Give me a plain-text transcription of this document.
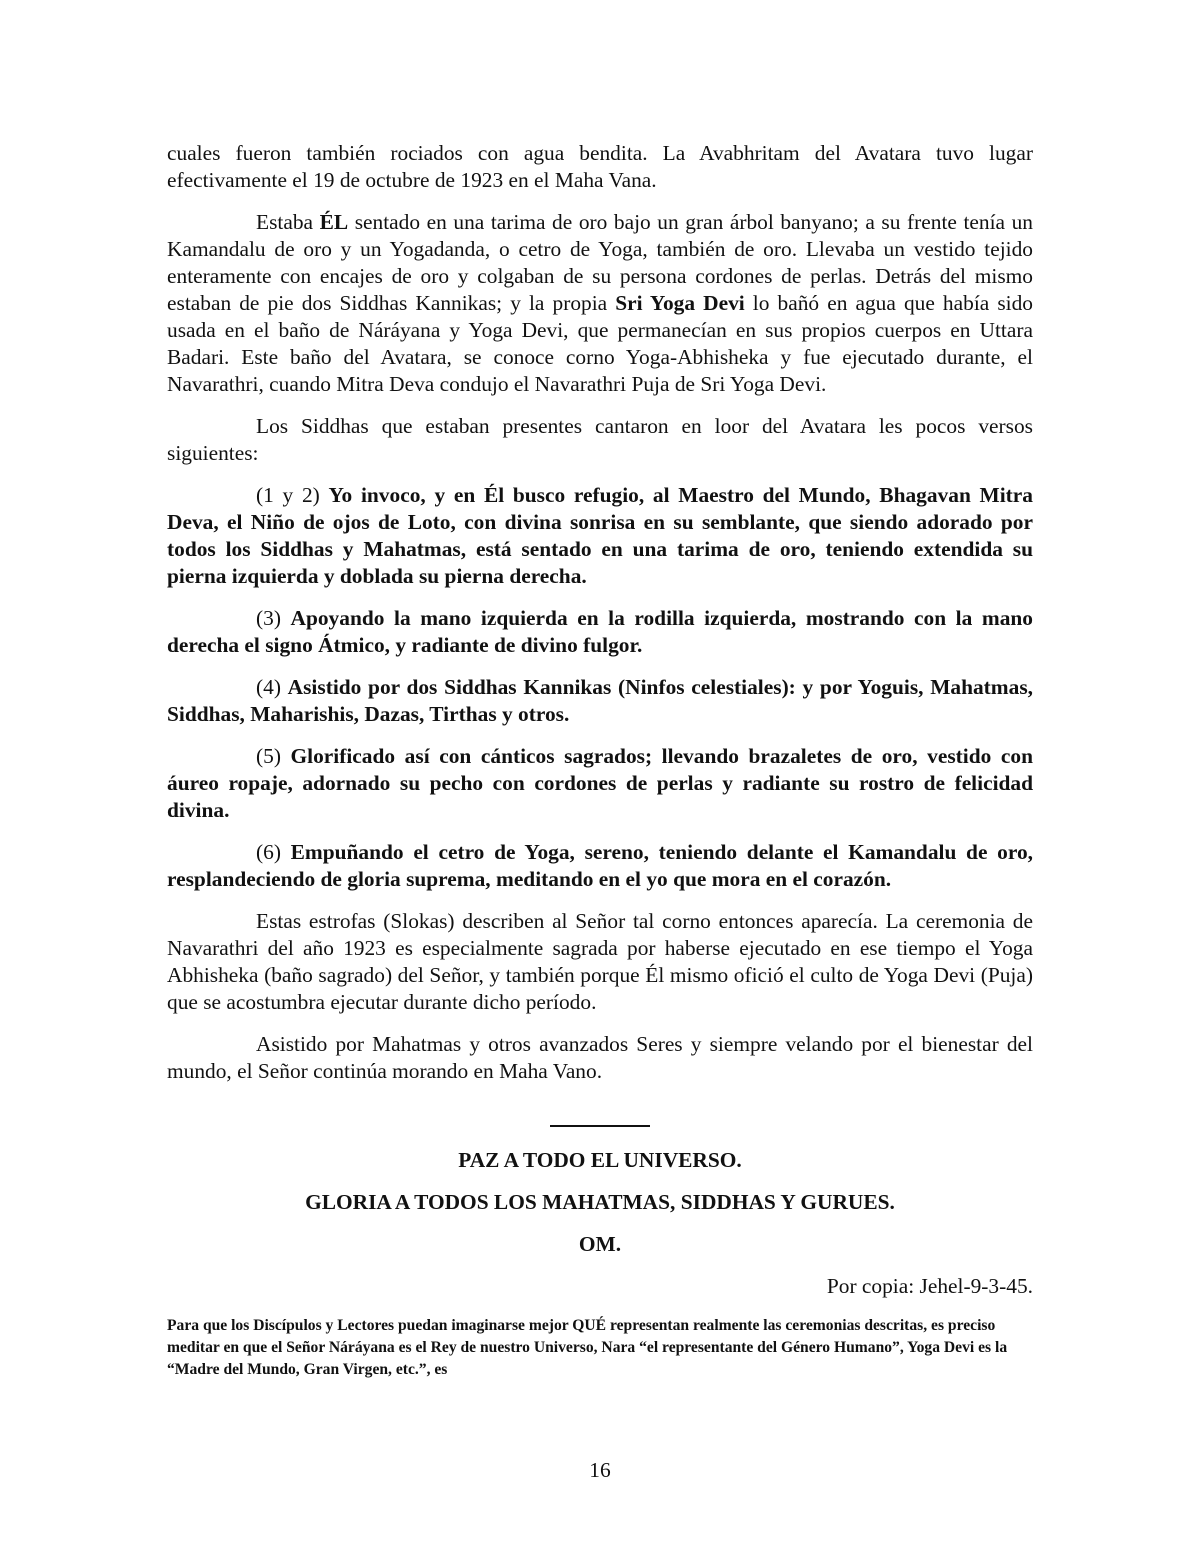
cuales fueron también rociados con agua bendita. La Avabhritam del Avatara tuvo lugar efectivamente el 19 de octubre de 1923 en el Maha Vana.

Estaba ÉL sentado en una tarima de oro bajo un gran árbol banyano; a su frente tenía un Kamandalu de oro y un Yogadanda, o cetro de Yoga, también de oro. Llevaba un vestido tejido enteramente con encajes de oro y colgaban de su persona cordones de perlas. Detrás del mismo estaban de pie dos Siddhas Kannikas; y la propia Sri Yoga Devi lo bañó en agua que había sido usada en el baño de Náráyana y Yoga Devi, que permanecían en sus propios cuerpos en Uttara Badari. Este baño del Avatara, se conoce corno Yoga-Abhisheka y fue ejecutado durante, el Navarathri, cuando Mitra Deva condujo el Navarathri Puja de Sri Yoga Devi.

Los Siddhas que estaban presentes cantaron en loor del Avatara les pocos versos siguientes:

(1 y 2) Yo invoco, y en Él busco refugio, al Maestro del Mundo, Bhagavan Mitra Deva, el Niño de ojos de Loto, con divina sonrisa en su semblante, que siendo adorado por todos los Siddhas y Mahatmas, está sentado en una tarima de oro, teniendo extendida su pierna izquierda y doblada su pierna derecha.

(3) Apoyando la mano izquierda en la rodilla izquierda, mostrando con la mano derecha el signo Átmico, y radiante de divino fulgor.

(4) Asistido por dos Siddhas Kannikas (Ninfos celestiales): y por Yoguis, Mahatmas, Siddhas, Maharishis, Dazas, Tirthas y otros.

(5) Glorificado así con cánticos sagrados; llevando brazaletes de oro, vestido con áureo ropaje, adornado su pecho con cordones de perlas y radiante su rostro de felicidad divina.

(6) Empuñando el cetro de Yoga, sereno, teniendo delante el Kamandalu de oro, resplandeciendo de gloria suprema, meditando en el yo que mora en el corazón.

Estas estrofas (Slokas) describen al Señor tal corno entonces aparecía. La ceremonia de Navarathri del año 1923 es especialmente sagrada por haberse ejecutado en ese tiempo el Yoga Abhisheka (baño sagrado) del Señor, y también porque Él mismo ofició el culto de Yoga Devi (Puja) que se acostumbra ejecutar durante dicho período.

Asistido por Mahatmas y otros avanzados Seres y siempre velando por el bienestar del mundo, el Señor continúa morando en Maha Vano.

PAZ A TODO EL UNIVERSO.

GLORIA A TODOS LOS MAHATMAS, SIDDHAS Y GURUES.

OM.

Por copia: Jehel-9-3-45.

Para que los Discípulos y Lectores puedan imaginarse mejor QUÉ representan realmente las ceremonias descritas, es preciso meditar en que el Señor Náráyana es el Rey de nuestro Universo, Nara “el representante del Género Humano”, Yoga Devi es la “Madre del Mundo, Gran Virgen, etc.”, es

16
